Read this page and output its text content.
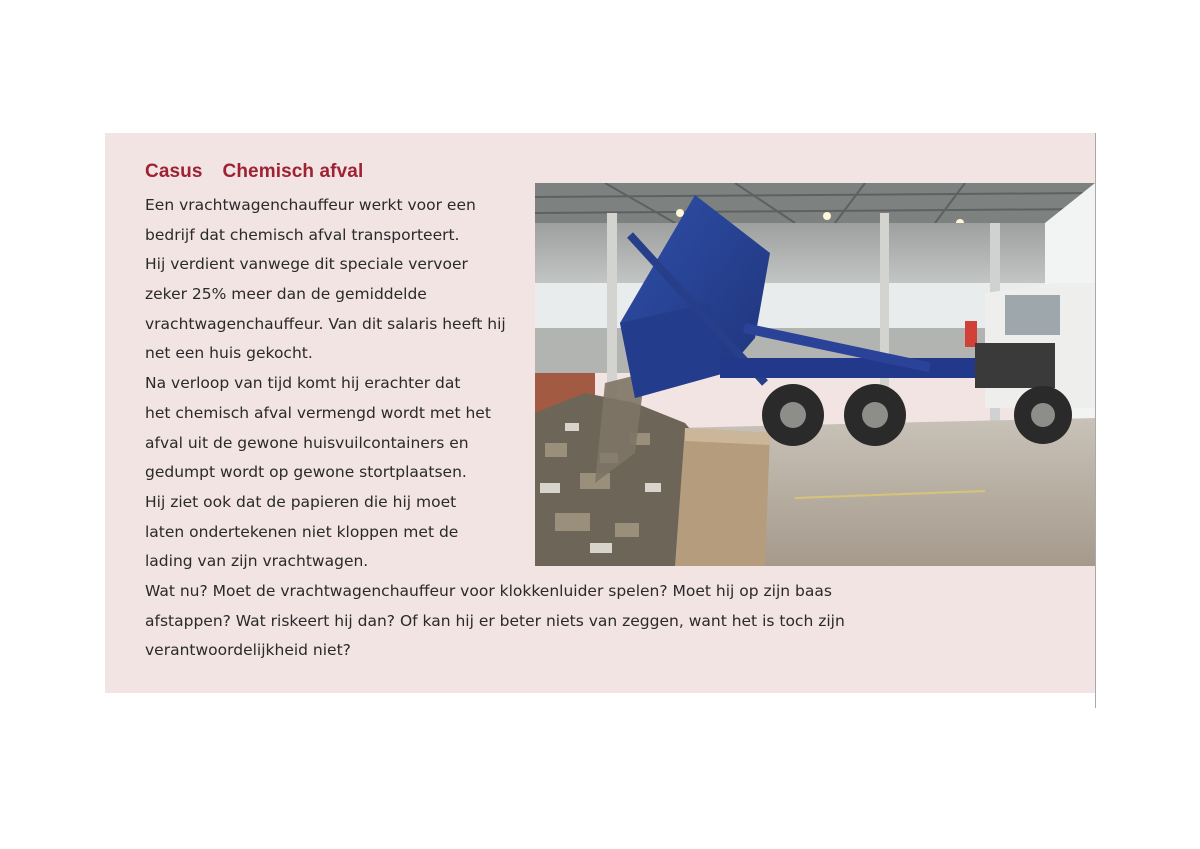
Casus Chemisch afval
Een vrachtwagenchauffeur werkt voor een
bedrijf dat chemisch afval transporteert.
Hij verdient vanwege dit speciale vervoer
zeker 25% meer dan de gemiddelde
vrachtwagenchauffeur. Van dit salaris heeft hij
net een huis gekocht.
Na verloop van tijd komt hij erachter dat
het chemisch afval vermengd wordt met het
afval uit de gewone huisvuilcontainers en
gedumpt wordt op gewone stortplaatsen.
Hij ziet ook dat de papieren die hij moet
laten ondertekenen niet kloppen met de
lading van zijn vrachtwagen.
Wat nu? Moet de vrachtwagenchauffeur voor klokkenluider spelen? Moet hij op zijn baas
afstappen? Wat riskeert hij dan? Of kan hij er beter niets van zeggen, want het is toch zijn
verantwoordelijkheid niet?
